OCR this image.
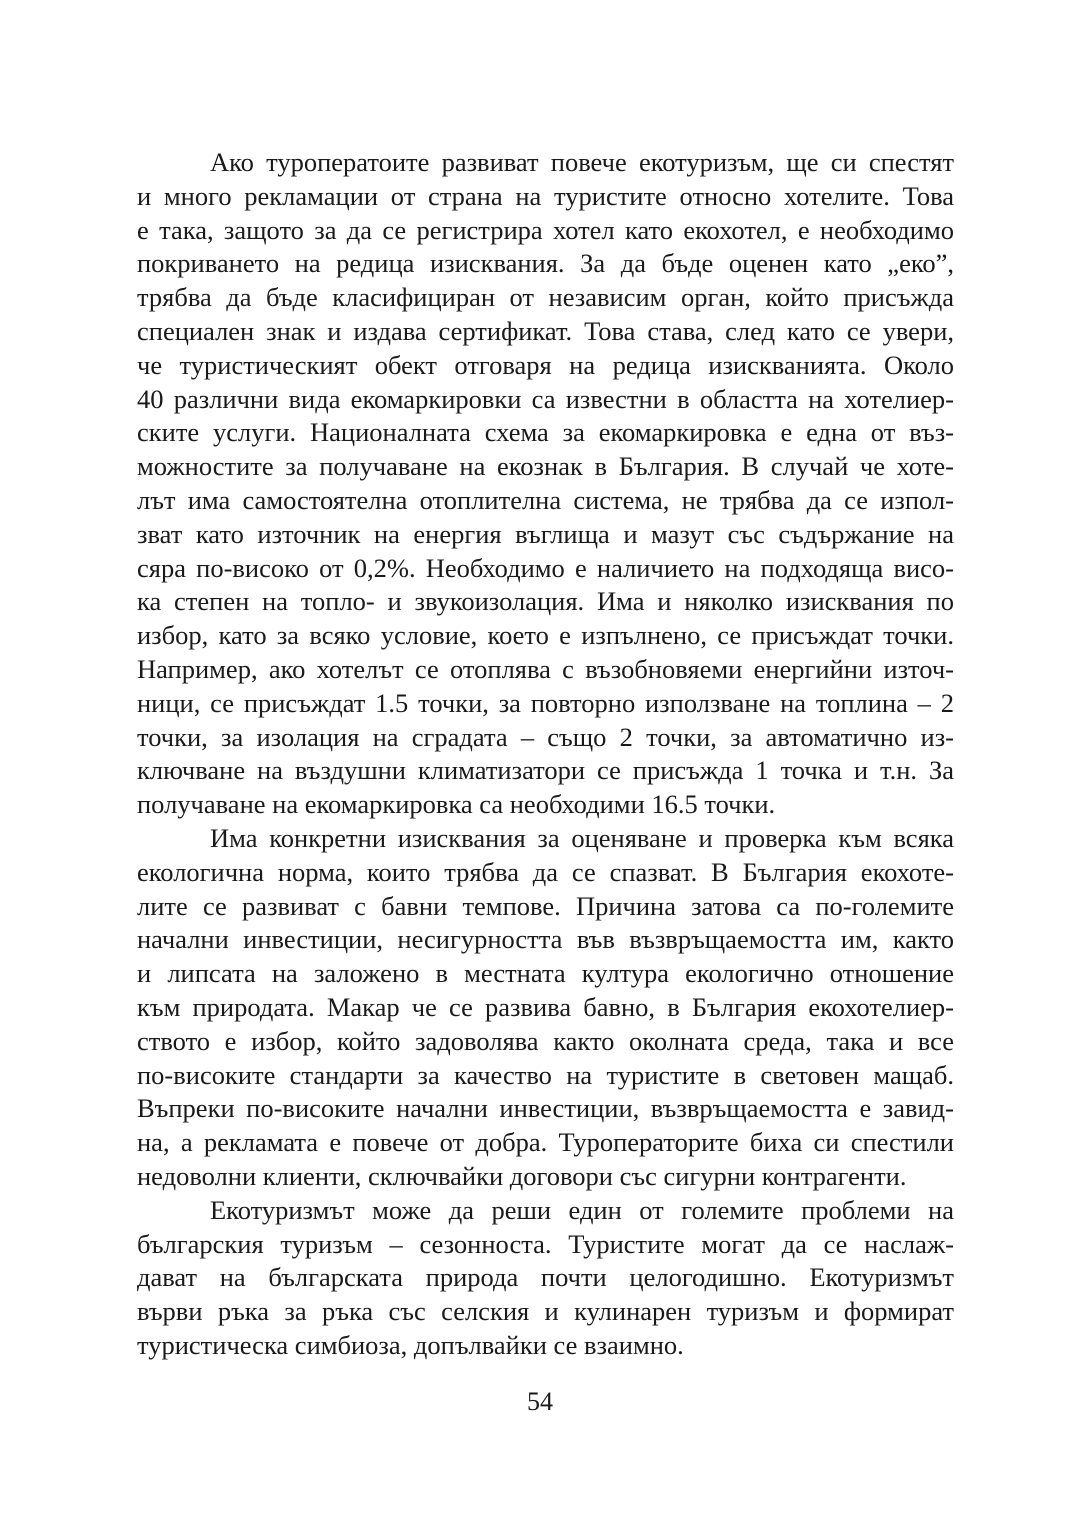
Ако туроператоите развиват повече екотуризъм, ще си спестят
и много рекламации от страна на туристите относно хотелите. Това
е така, защото за да се регистрира хотел като екохотел, е необходимо
покриването на редица изисквания. За да бъде оценен като „еко”,
трябва да бъде класифициран от независим орган, който присъжда
специален знак и издава сертификат. Това става, след като се увери,
че туристическият обект отговаря на редица изискванията. Около
40 различни вида екомаркировки са известни в областта на хотелиер-
ските услуги. Националната схема за екомаркировка е една от въз-
можностите за получаване на екознак в България. В случай че хоте-
лът има самостоятелна отоплителна система, не трябва да се изпол-
зват като източник на енергия въглища и мазут със съдържание на
сяра по-високо от 0,2%. Необходимо е наличието на подходяща висо-
ка степен на топло- и звукоизолация. Има и няколко изисквания по
избор, като за всяко условие, което е изпълнено, се присъждат точки.
Например, ако хотелът се отоплява с възобновяеми енергийни източ-
ници, се присъждат 1.5 точки, за повторно използване на топлина – 2
точки, за изолация на сградата – също 2 точки, за автоматично из-
ключване на въздушни климатизатори се присъжда 1 точка и т.н. За
получаване на екомаркировка са необходими 16.5 точки.
Има конкретни изисквания за оценяване и проверка към всяка
екологична норма, които трябва да се спазват. В България екохоте-
лите се развиват с бавни темпове. Причина затова са по-големите
начални инвестиции, несигурността във възвръщаемостта им, както
и липсата на заложено в местната култура екологично отношение
към природата. Макар че се развива бавно, в България екохотелиер-
ството е избор, който задоволява както околната среда, така и все
по-високите стандарти за качество на туристите в световен мащаб.
Въпреки по-високите начални инвестиции, възвръщаемостта е завид-
на, а рекламата е повече от добра. Туроператорите биха си спестили
недоволни клиенти, сключвайки договори със сигурни контрагенти.
Екотуризмът може да реши един от големите проблеми на
българския туризъм – сезонноста. Туристите могат да се наслаж-
дават на българската природа почти целогодишно. Екотуризмът
върви ръка за ръка със селския и кулинарен туризъм и формират
туристическа симбиоза, допълвайки се взаимно.
54
